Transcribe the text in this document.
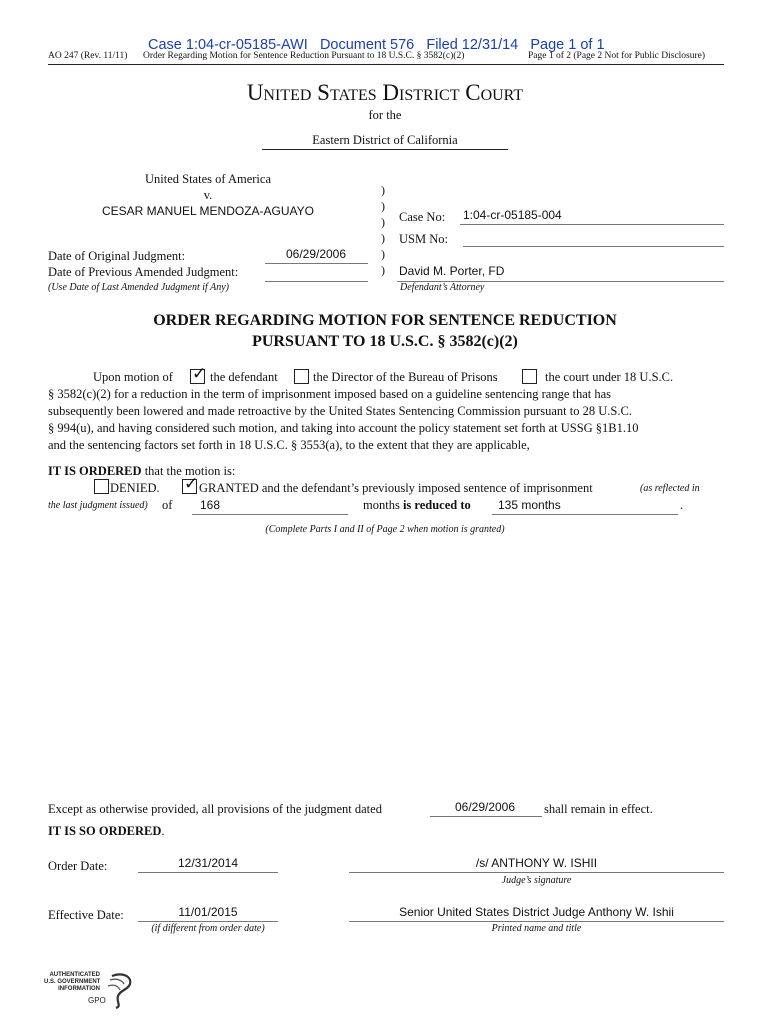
Case 1:04-cr-05185-AWI Document 576 Filed 12/31/14 Page 1 of 1
AO 247 (Rev. 11/11) Order Regarding Motion for Sentence Reduction Pursuant to 18 U.S.C. § 3582(c)(2)	Page 1 of 2 (Page 2 Not for Public Disclosure)
United States District Court
for the
Eastern District of California
United States of America
v.
CESAR MANUEL MENDOZA-AGUAYO
Date of Original Judgment:	06/29/2006
Date of Previous Amended Judgment:
(Use Date of Last Amended Judgment if Any)
)
)
)
)
)
)
Case No: 1:04-cr-05185-004
USM No:
David M. Porter, FD
Defendant’s Attorney
ORDER REGARDING MOTION FOR SENTENCE REDUCTION
PURSUANT TO 18 U.S.C. § 3582(c)(2)
Upon motion of ✓ the defendant	the Director of the Bureau of Prisons	the court under 18 U.S.C.
§ 3582(c)(2) for a reduction in the term of imprisonment imposed based on a guideline sentencing range that has
subsequently been lowered and made retroactive by the United States Sentencing Commission pursuant to 28 U.S.C.
§ 994(u), and having considered such motion, and taking into account the policy statement set forth at USSG §1B1.10
and the sentencing factors set forth in 18 U.S.C. § 3553(a), to the extent that they are applicable,
IT IS ORDERED that the motion is:
DENIED. ✓ GRANTED and the defendant’s previously imposed sentence of imprisonment	(as reflected in
the last judgment issued) of 168	months is reduced to 135 months	.
(Complete Parts I and II of Page 2 when motion is granted)
Except as otherwise provided, all provisions of the judgment dated	06/29/2006	shall remain in effect.
IT IS SO ORDERED.
Order Date:	12/31/2014	/s/ ANTHONY W. ISHII
Judge’s signature
Effective Date:	11/01/2015
(if different from order date)
Senior United States District Judge Anthony W. Ishii
Printed name and title
AUTHENTICATED
U.S. GOVERNMENT
INFORMATION
GPO
